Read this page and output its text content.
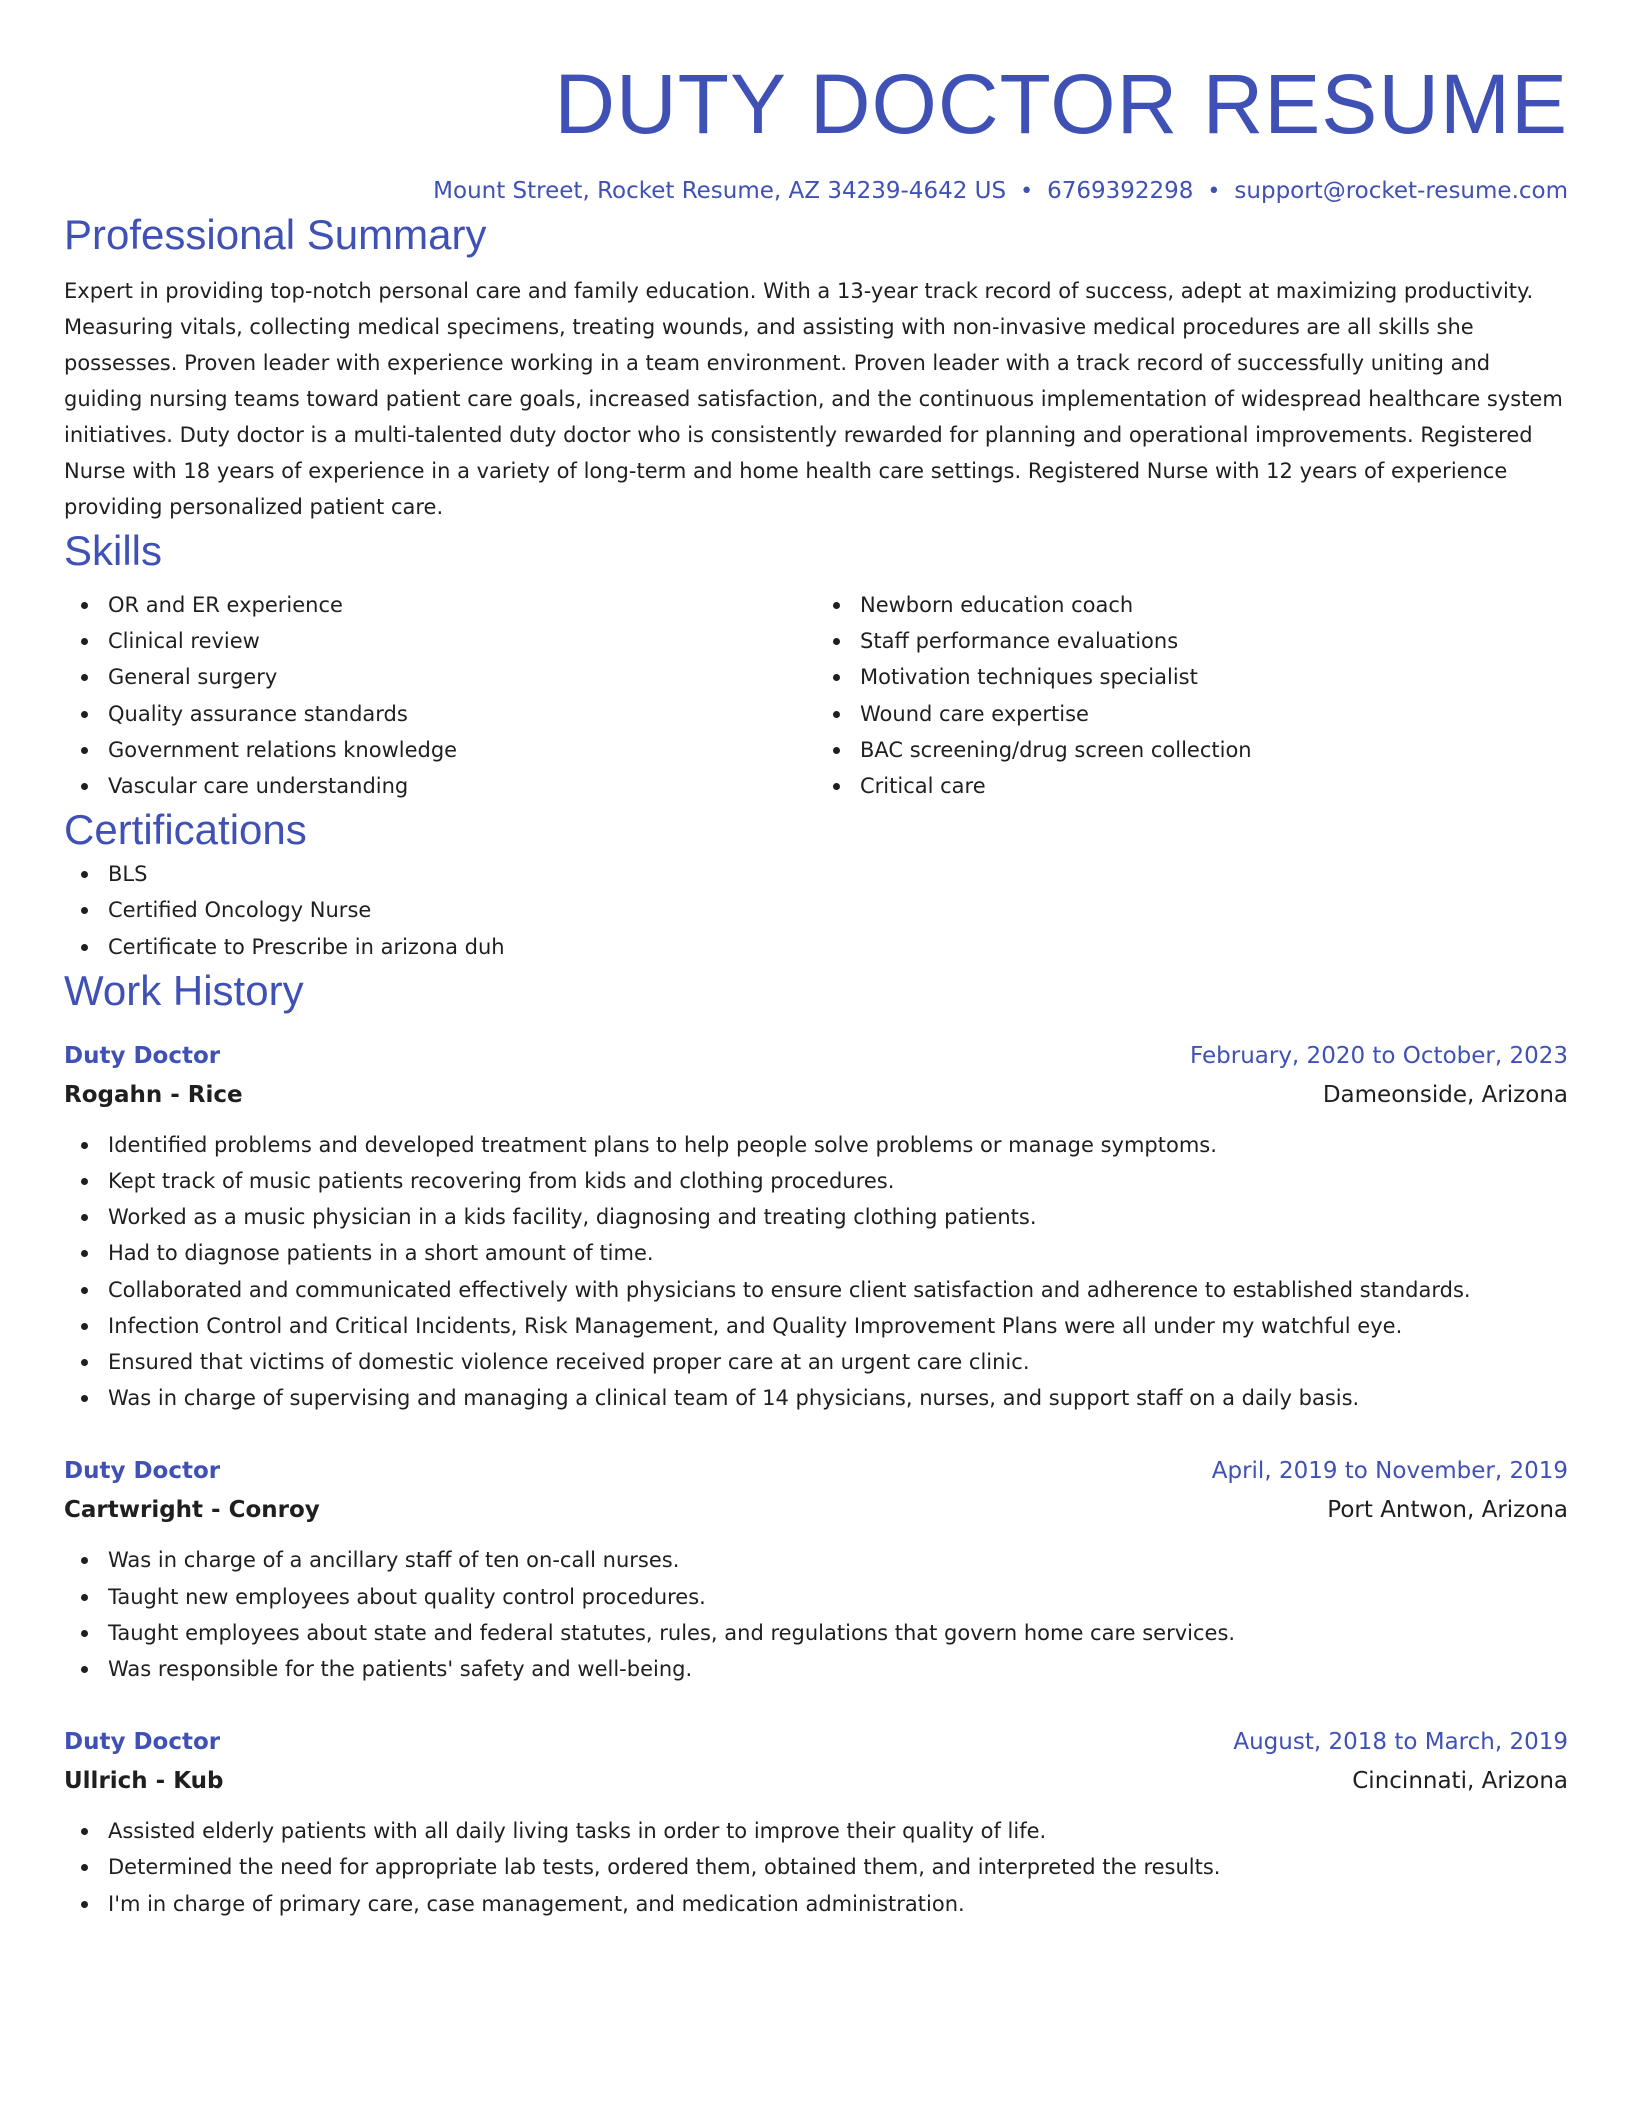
DUTY DOCTOR RESUME
Mount Street, Rocket Resume, AZ 34239-4642 US • 6769392298 • support@rocket-resume.com
Professional Summary
Expert in providing top-notch personal care and family education. With a 13-year track record of success, adept at maximizing productivity. Measuring vitals, collecting medical specimens, treating wounds, and assisting with non-invasive medical procedures are all skills she possesses. Proven leader with experience working in a team environment. Proven leader with a track record of successfully uniting and guiding nursing teams toward patient care goals, increased satisfaction, and the continuous implementation of widespread healthcare system initiatives. Duty doctor is a multi-talented duty doctor who is consistently rewarded for planning and operational improvements. Registered Nurse with 18 years of experience in a variety of long-term and home health care settings. Registered Nurse with 12 years of experience providing personalized patient care.
Skills
OR and ER experience
Clinical review
General surgery
Quality assurance standards
Government relations knowledge
Vascular care understanding
Newborn education coach
Staff performance evaluations
Motivation techniques specialist
Wound care expertise
BAC screening/drug screen collection
Critical care
Certifications
BLS
Certified Oncology Nurse
Certificate to Prescribe in arizona duh
Work History
Duty Doctor	February, 2020 to October, 2023
Rogahn - Rice	Dameonside, Arizona
Identified problems and developed treatment plans to help people solve problems or manage symptoms.
Kept track of music patients recovering from kids and clothing procedures.
Worked as a music physician in a kids facility, diagnosing and treating clothing patients.
Had to diagnose patients in a short amount of time.
Collaborated and communicated effectively with physicians to ensure client satisfaction and adherence to established standards.
Infection Control and Critical Incidents, Risk Management, and Quality Improvement Plans were all under my watchful eye.
Ensured that victims of domestic violence received proper care at an urgent care clinic.
Was in charge of supervising and managing a clinical team of 14 physicians, nurses, and support staff on a daily basis.
Duty Doctor	April, 2019 to November, 2019
Cartwright - Conroy	Port Antwon, Arizona
Was in charge of a ancillary staff of ten on-call nurses.
Taught new employees about quality control procedures.
Taught employees about state and federal statutes, rules, and regulations that govern home care services.
Was responsible for the patients' safety and well-being.
Duty Doctor	August, 2018 to March, 2019
Ullrich - Kub	Cincinnati, Arizona
Assisted elderly patients with all daily living tasks in order to improve their quality of life.
Determined the need for appropriate lab tests, ordered them, obtained them, and interpreted the results.
I'm in charge of primary care, case management, and medication administration.
